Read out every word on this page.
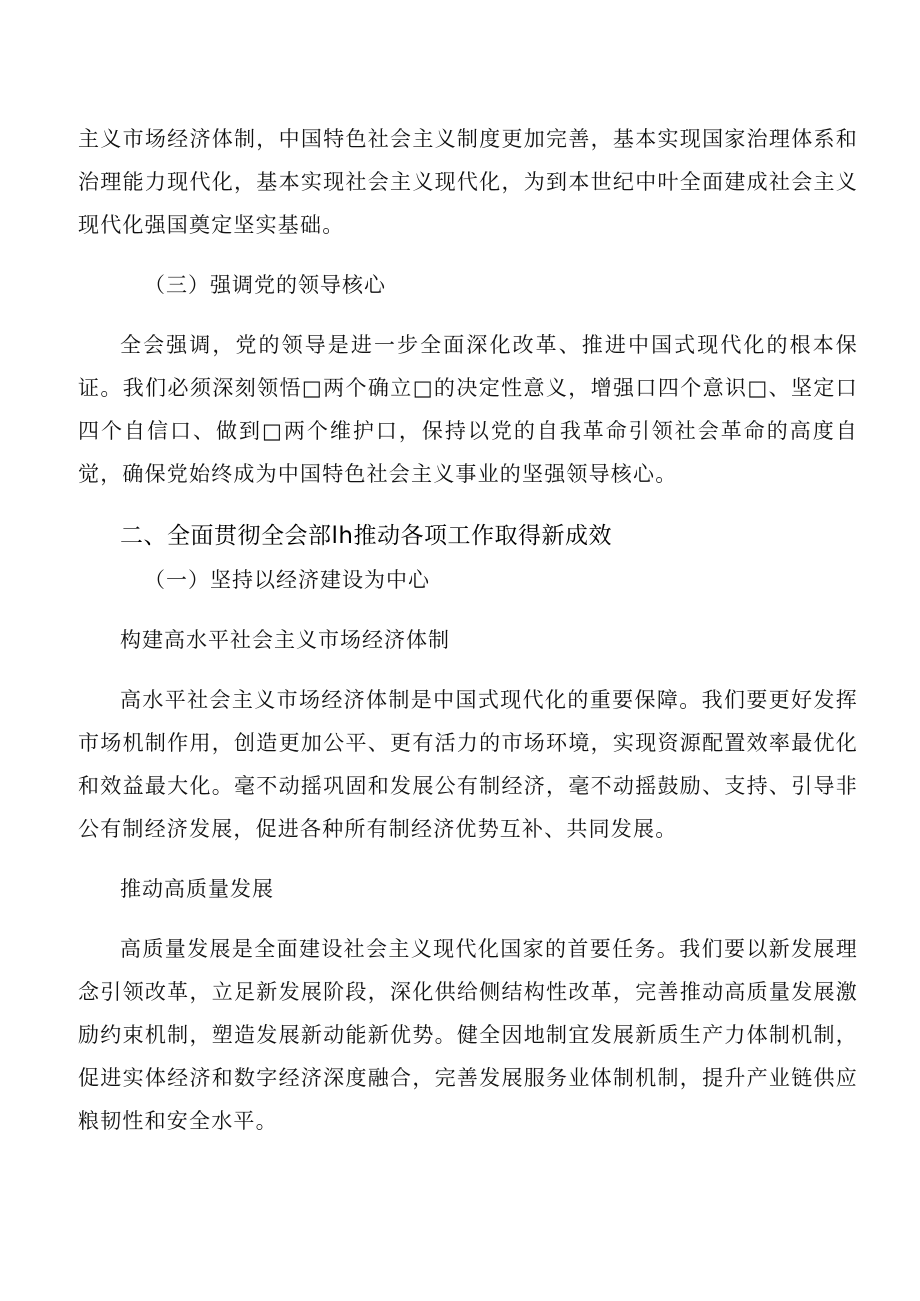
主义市场经济体制，中国特色社会主义制度更加完善，基本实现国家治理体系和治理能力现代化，基本实现社会主义现代化，为到本世纪中叶全面建成社会主义现代化强国奠定坚实基础。

（三）强调党的领导核心

全会强调，党的领导是进一步全面深化改革、推进中国式现代化的根本保证。我们必须深刻领悟□两个确立□的决定性意义，增强口四个意识□、坚定口四个自信口、做到□两个维护口，保持以党的自我革命引领社会革命的高度自觉，确保党始终成为中国特色社会主义事业的坚强领导核心。

二、全面贯彻全会部lh推动各项工作取得新成效

（一）坚持以经济建设为中心

构建高水平社会主义市场经济体制

高水平社会主义市场经济体制是中国式现代化的重要保障。我们要更好发挥市场机制作用，创造更加公平、更有活力的市场环境，实现资源配置效率最优化和效益最大化。毫不动摇巩固和发展公有制经济，毫不动摇鼓励、支持、引导非公有制经济发展，促进各种所有制经济优势互补、共同发展。

推动高质量发展

高质量发展是全面建设社会主义现代化国家的首要任务。我们要以新发展理念引领改革，立足新发展阶段，深化供给侧结构性改革，完善推动高质量发展激励约束机制，塑造发展新动能新优势。健全因地制宜发展新质生产力体制机制，促进实体经济和数字经济深度融合，完善发展服务业体制机制，提升产业链供应粮韧性和安全水平。
